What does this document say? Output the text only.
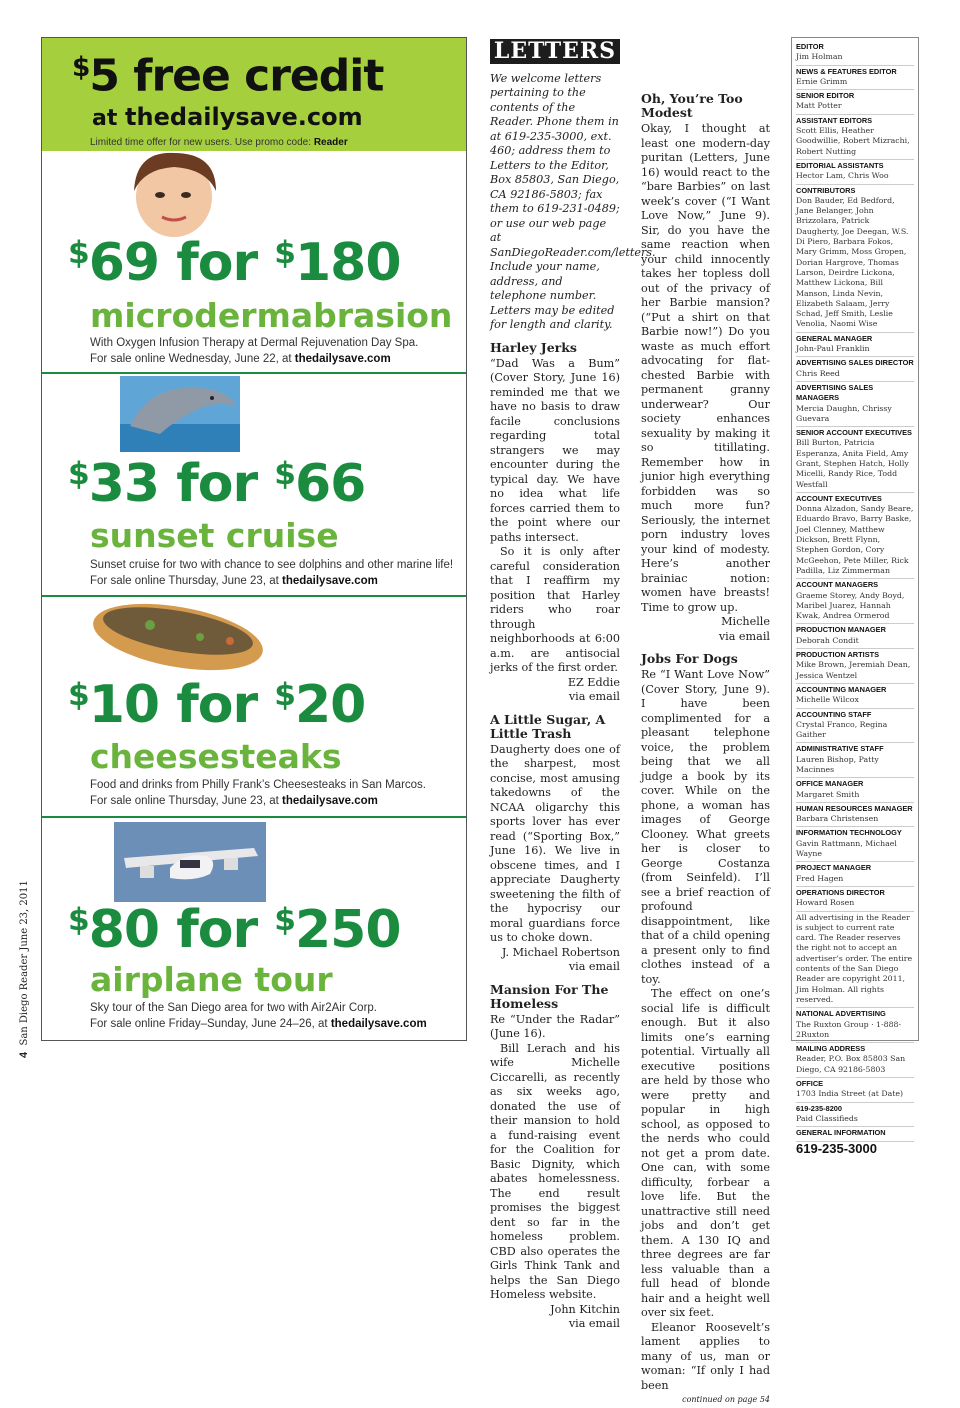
4  San Diego Reader June 23, 2011
$5 free credit
at thedailysave.com
Limited time offer for new users. Use promo code: Reader
$69 for $180
microdermabrasion
With Oxygen Infusion Therapy at Dermal Rejuvenation Day Spa.
For sale online Wednesday, June 22, at thedailysave.com
$33 for $66
sunset cruise
Sunset cruise for two with chance to see dolphins and other marine life!
For sale online Thursday, June 23, at thedailysave.com
$10 for $20
cheesesteaks
Food and drinks from Philly Frank’s Cheesesteaks in San Marcos.
For sale online Thursday, June 23, at thedailysave.com
$80 for $250
airplane tour
Sky tour of the San Diego area for two with Air2Air Corp.
For sale online Friday–Sunday, June 24–26, at thedailysave.com
LETTERS

We welcome letters pertaining to the contents of the Reader. Phone them in at 619-235-3000, ext. 460; address them to Letters to the Editor, Box 85803, San Diego, CA 92186-5803; fax them to 619-231-0489; or use our web page at SanDiegoReader.com/letters. Include your name, address, and telephone number. Letters may be edited for length and clarity.

Harley Jerks

“Dad Was a Bum” (Cover Story, June 16) reminded me that we have no basis to draw facile conclusions regarding total strangers we may encounter during the typical day. We have no idea what life forces carried them to the point where our paths intersect.

So it is only after careful consideration that I reaffirm my position that Harley riders who roar through neighborhoods at 6:00 a.m. are antisocial jerks of the first order.

EZ Eddie

via email

A Little Sugar, A Little Trash

Daugherty does one of the sharpest, most concise, most amusing takedowns of the NCAA oligarchy this sports lover has ever read (“Sporting Box,” June 16). We live in obscene times, and I appreciate Daugherty sweetening the filth of the hypocrisy our moral guardians force us to choke down.

J. Michael Robertson

via email

Mansion For The Homeless

Re “Under the Radar” (June 16).

Bill Lerach and his wife Michelle Ciccarelli, as recently as six weeks ago, donated the use of their mansion to hold a fund-raising event for the Coalition for Basic Dignity, which abates homelessness. The end result promises the biggest dent so far in the homeless problem. CBD also operates the Girls Think Tank and helps the San Diego Homeless website.

John Kitchin

via email

Oh, You’re Too Modest

Okay, I thought at least one modern-day puritan (Letters, June 16) would react to the “bare Barbies” on last week’s cover (“I Want Love Now,” June 9). Sir, do you have the same reaction when your child innocently takes her topless doll out of the privacy of her Barbie mansion? (“Put a shirt on that Barbie now!”) Do you waste as much effort advocating for flat-chested Barbie with permanent granny underwear? Our society enhances sexuality by making it so titillating. Remember how in junior high everything forbidden was so much more fun? Seriously, the internet porn industry loves your kind of modesty. Here’s another brainiac notion: women have breasts! Time to grow up.

Michelle

via email

Jobs For Dogs

Re “I Want Love Now” (Cover Story, June 9). I have been complimented for a pleasant telephone voice, the problem being that we all judge a book by its cover. While on the phone, a woman has images of George Clooney. What greets her is closer to George Costanza (from Seinfeld). I’ll see a brief reaction of profound disappointment, like that of a child opening a present only to find clothes instead of a toy.

The effect on one’s social life is difficult enough. But it also limits one’s earning potential. Virtually all executive positions are held by those who were pretty and popular in high school, as opposed to the nerds who could not get a prom date. One can, with some difficulty, forbear a love life. But the unattractive still need jobs and don’t get them. A 130 IQ and three degrees are far less valuable than a full head of blonde hair and a height well over six feet.

Eleanor Roosevelt’s lament applies to many of us, man or woman: “If only I had been

continued on page 54

EDITOR
Jim Holman
NEWS & FEATURES EDITOR
Ernie Grimm
SENIOR EDITOR
Matt Potter
ASSISTANT EDITORS
Scott Ellis, Heather Goodwillie, Robert Mizrachi, Robert Nutting
EDITORIAL ASSISTANTS
Hector Lam, Chris Woo
CONTRIBUTORS
Don Bauder, Ed Bedford, Jane Belanger, John Brizzolara, Patrick Daugherty, Joe Deegan, W.S. Di Piero, Barbara Fokos, Mary Grimm, Moss Gropen, Dorian Hargrove, Thomas Larson, Deirdre Lickona, Matthew Lickona, Bill Manson, Linda Nevin, Elizabeth Salaam, Jerry Schad, Jeff Smith, Leslie Venolia, Naomi Wise
GENERAL MANAGER
John-Paul Franklin
ADVERTISING SALES DIRECTOR
Chris Reed
ADVERTISING SALES MANAGERS
Mercia Daughn, Chrissy Guevara
SENIOR ACCOUNT EXECUTIVES
Bill Burton, Patricia Esperanza, Anita Field, Amy Grant, Stephen Hatch, Holly Micelli, Randy Rice, Todd Westfall
ACCOUNT EXECUTIVES
Donna Alzadon, Sandy Beare, Eduardo Bravo, Barry Baske, Joel Clenney, Matthew Dickson, Brett Flynn, Stephen Gordon, Cory McGeehon, Pete Miller, Rick Padilla, Liz Zimmerman
ACCOUNT MANAGERS
Graeme Storey, Andy Boyd, Maribel Juarez, Hannah Kwak, Andrea Ormerod
PRODUCTION MANAGER
Deborah Condit
PRODUCTION ARTISTS
Mike Brown, Jeremiah Dean, Jessica Wentzel
ACCOUNTING MANAGER
Michelle Wilcox
ACCOUNTING STAFF
Crystal Franco, Regina Gaither
ADMINISTRATIVE STAFF
Lauren Bishop, Patty Macinnes
OFFICE MANAGER
Margaret Smith
HUMAN RESOURCES MANAGER
Barbara Christensen
INFORMATION TECHNOLOGY
Gavin Rattmann, Michael Wayne
PROJECT MANAGER
Fred Hagen
OPERATIONS DIRECTOR
Howard Rosen
All advertising in the Reader is subject to current rate card. The Reader reserves the right not to accept an advertiser’s order. The entire contents of the San Diego Reader are copyright 2011, Jim Holman. All rights reserved.
NATIONAL ADVERTISING
The Ruxton Group · 1-888-2Ruxton
MAILING ADDRESS
Reader, P.O. Box 85803 San Diego, CA 92186-5803
OFFICE
1703 India Street (at Date)
619-235-8200
Paid Classifieds
GENERAL INFORMATION
619-235-3000
